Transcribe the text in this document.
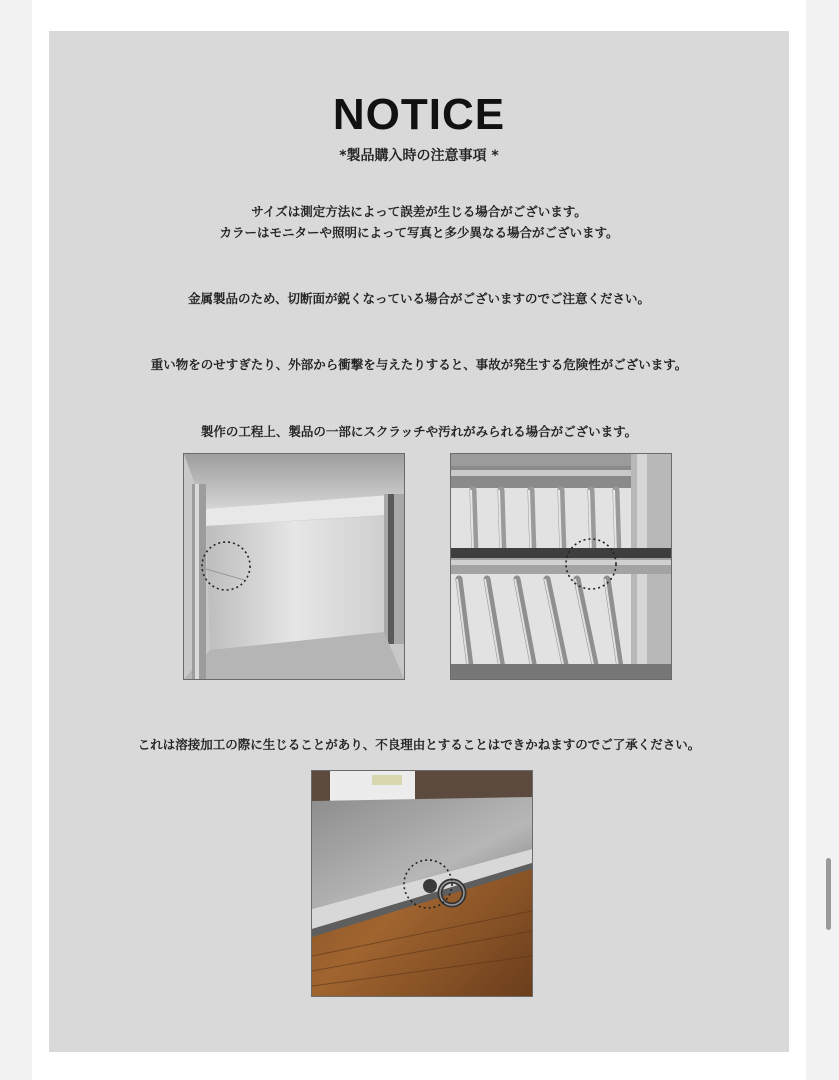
NOTICE
*製品購入時の注意事項 *
サイズは測定方法によって誤差が生じる場合がございます。
カラーはモニターや照明によって写真と多少異なる場合がございます。
金属製品のため、切断面が鋭くなっている場合がございますのでご注意ください。
重い物をのせすぎたり、外部から衝撃を与えたりすると、事故が発生する危険性がございます。
製作の工程上、製品の一部にスクラッチや汚れがみられる場合がございます。
これは溶接加工の際に生じることがあり、不良理由とすることはできかねますのでご了承ください。
